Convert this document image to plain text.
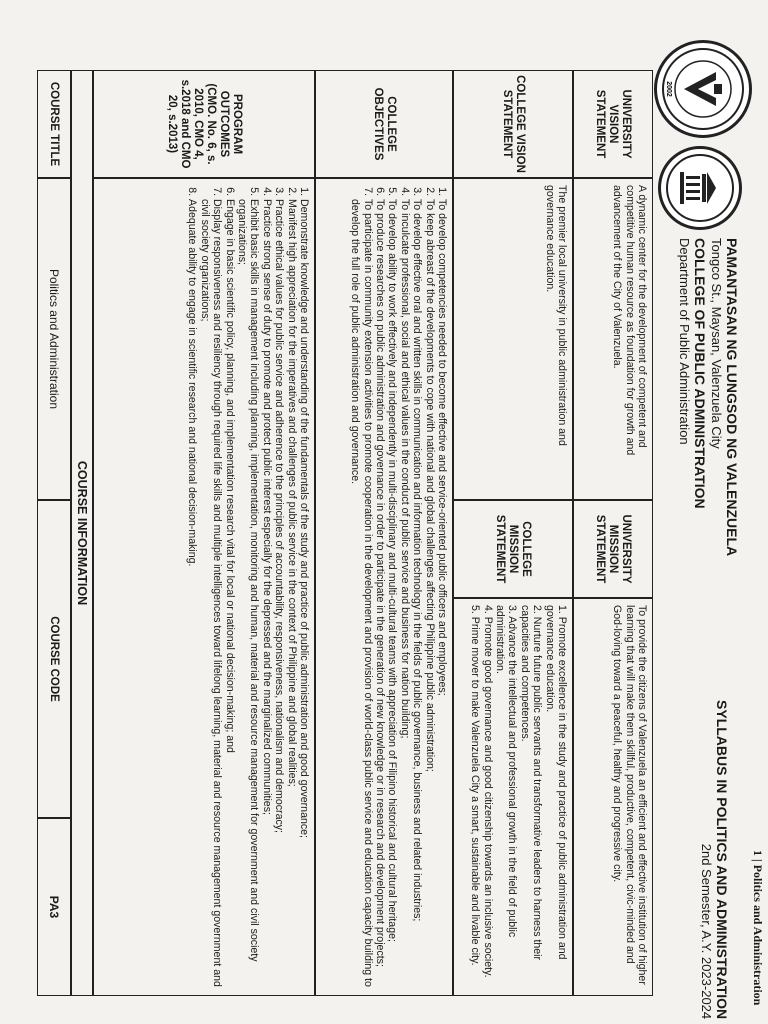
2002
PAMANTASAN NG LUNGSOD NG VALENZUELA
Tongco St., Maysan, Valenzuela City
COLLEGE OF PUBLIC ADMINISTRATION
Department of Public Administration
SYLLABUS IN POLITICS AND ADMINISTRATION
2nd Semester, A.Y. 2023-2024
UNIVERSITY VISION STATEMENT
A dynamic center for the development of competent and competitive human resource as foundation for growth and advancement of the City of Valenzuela.
UNIVERSITY MISSION STATEMENT
To provide the citizens of Valenzuela an efficient and effective institution of higher learning that will make them skillful, productive, competent, civic-minded and God-loving toward a peaceful, healthy and progressive city.
COLLEGE VISION STATEMENT
The premier local university in public administration and governance education.
COLLEGE MISSION STATEMENT
1. Promote excellence in the study and practice of public administration and governance education.
2. Nurture future public servants and transformative leaders to harness their capacities and competences.
3. Advance the intellectual and professional growth in the field of public administration.
4. Promote good governance and good citizenship towards an inclusive society.
5. Prime mover to make Valenzuela City a smart, sustainable and livable city.
COLLEGE OBJECTIVES
1. To develop competencies needed to become effective and service-oriented public officers and employees;
2. To keep abreast of the developments to cope with national and global challenges affecting Philippine public administration;
3. To develop effective oral and written skills in communication and information technology in the fields of public governance, business and related industries;
4. To inculcate professional, social and ethical values in the conduct of public service and business for nation building;
5. To develop ability to work effectively and independently in multi-disciplinary and multi-cultural teams with appreciation of Filipino historical and cultural heritage;
6. To produce researches on public administration and governance in order to participate in the generation of new knowledge or in research and development projects;
7. To participate in community extension activities to promote cooperation in the development and provision of world-class public service and education capacity building to develop the full role of public administration and governance.
PROGRAM OUTCOMES (CMO. No. 6, s. 2010, CMO 4, s.2018 and CMO 20, s.2013)
1. Demonstrate knowledge and understanding of the fundamentals of the study and practice of public administration and good governance;
2. Manifest high appreciation for the imperatives and challenges of public service in the context of Philippine and global realities;
3. Practice ethical values for public service and adherence to the principles of accountability, responsiveness, nationalism and democracy;
4. Practice strong sense of duty to promote and protect public interest especially for the depressed and the marginalized communities;
5. Exhibit basic skills in management including planning, implementation, monitoring and human, material and resource management for government and civil society organizations;
6. Engage in basic scientific policy, planning, and implementation research vital for local or national decision-making; and
7. Display responsiveness and resiliency through required life skills and multiple intelligences toward lifelong learning, material and resource management government and civil society organizations;
8. Adequate ability to engage in scientific research and national decision-making.
COURSE INFORMATION
COURSE TITLE
Politics and Administration
COURSE CODE
PA3
1 | Politics and Administration
